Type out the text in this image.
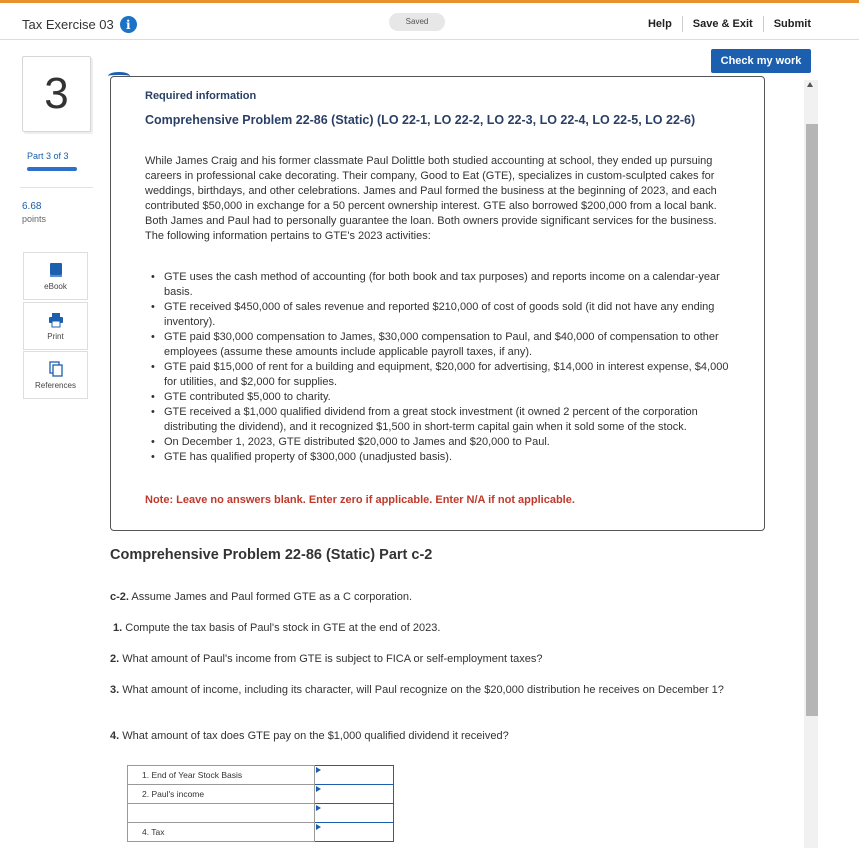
Tax Exercise 03	i	Saved	Help Save & Exit Submit
Check my work
3
Part 3 of 3
6.68
points
eBook
Print
References
Required information
Comprehensive Problem 22-86 (Static) (LO 22-1, LO 22-2, LO 22-3, LO 22-4, LO 22-5, LO 22-6)
While James Craig and his former classmate Paul Dolittle both studied accounting at school, they ended up pursuing careers in professional cake decorating. Their company, Good to Eat (GTE), specializes in custom-sculpted cakes for weddings, birthdays, and other celebrations. James and Paul formed the business at the beginning of 2023, and each contributed $50,000 in exchange for a 50 percent ownership interest. GTE also borrowed $200,000 from a local bank. Both James and Paul had to personally guarantee the loan. Both owners provide significant services for the business. The following information pertains to GTE's 2023 activities:
• GTE uses the cash method of accounting (for both book and tax purposes) and reports income on a calendar-year basis.
• GTE received $450,000 of sales revenue and reported $210,000 of cost of goods sold (it did not have any ending inventory).
• GTE paid $30,000 compensation to James, $30,000 compensation to Paul, and $40,000 of compensation to other employees (assume these amounts include applicable payroll taxes, if any).
• GTE paid $15,000 of rent for a building and equipment, $20,000 for advertising, $14,000 in interest expense, $4,000 for utilities, and $2,000 for supplies.
• GTE contributed $5,000 to charity.
• GTE received a $1,000 qualified dividend from a great stock investment (it owned 2 percent of the corporation distributing the dividend), and it recognized $1,500 in short-term capital gain when it sold some of the stock.
• On December 1, 2023, GTE distributed $20,000 to James and $20,000 to Paul.
• GTE has qualified property of $300,000 (unadjusted basis).
Note: Leave no answers blank. Enter zero if applicable. Enter N/A if not applicable.
Comprehensive Problem 22-86 (Static) Part c-2
c-2. Assume James and Paul formed GTE as a C corporation.
1. Compute the tax basis of Paul's stock in GTE at the end of 2023.
2. What amount of Paul's income from GTE is subject to FICA or self-employment taxes?
3. What amount of income, including its character, will Paul recognize on the $20,000 distribution he receives on December 1?
4. What amount of tax does GTE pay on the $1,000 qualified dividend it received?
1. End of Year Stock Basis	
2. Paul's income	

4. Tax	
